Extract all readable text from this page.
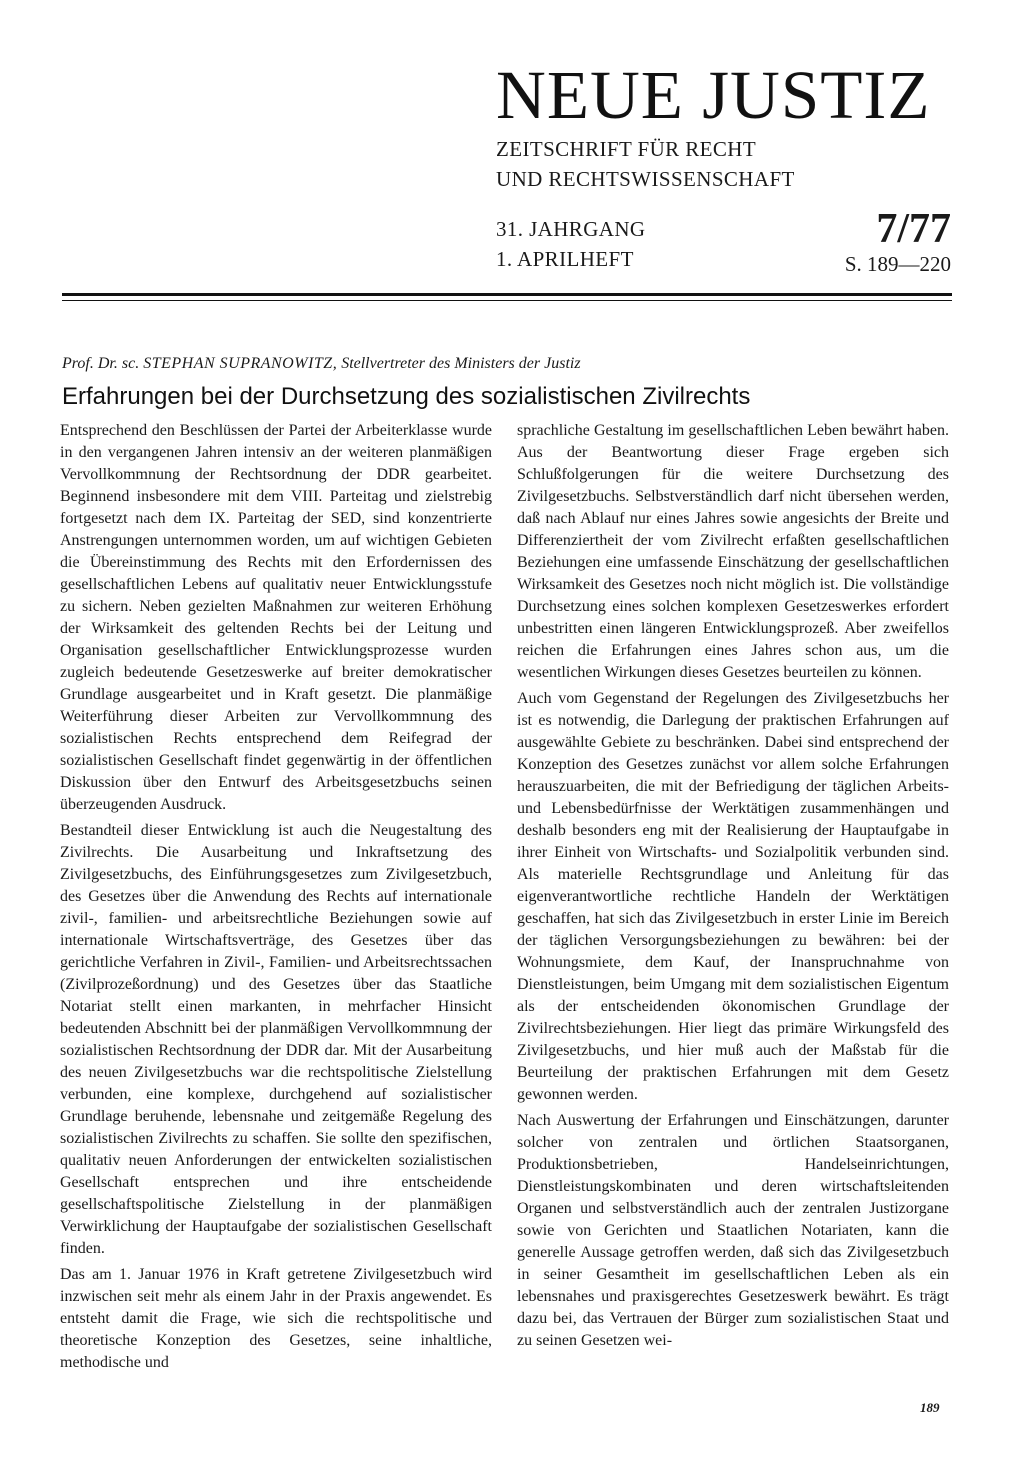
NEUE JUSTIZ
ZEITSCHRIFT FÜR RECHT
UND RECHTSWISSENSCHAFT
31. JAHRGANG
1. APRILHEFT
7/77
S. 189—220
Prof. Dr. sc. STEPHAN SUPRANOWITZ, Stellvertreter des Ministers der Justiz
Erfahrungen bei der Durchsetzung des sozialistischen Zivilrechts

Entsprechend den Beschlüssen der Partei der Arbeiterklasse wurde in den vergangenen Jahren intensiv an der weiteren planmäßigen Vervollkommnung der Rechtsordnung der DDR gearbeitet. Beginnend insbesondere mit dem VIII. Parteitag und zielstrebig fortgesetzt nach dem IX. Parteitag der SED, sind konzentrierte Anstrengungen unternommen worden, um auf wichtigen Gebieten die Übereinstimmung des Rechts mit den Erfordernissen des gesellschaftlichen Lebens auf qualitativ neuer Entwicklungsstufe zu sichern. Neben gezielten Maßnahmen zur weiteren Erhöhung der Wirksamkeit des geltenden Rechts bei der Leitung und Organisation gesellschaftlicher Entwicklungsprozesse wurden zugleich bedeutende Gesetzeswerke auf breiter demokratischer Grundlage ausgearbeitet und in Kraft gesetzt. Die planmäßige Weiterführung dieser Arbeiten zur Vervollkommnung des sozialistischen Rechts entsprechend dem Reifegrad der sozialistischen Gesellschaft findet gegenwärtig in der öffentlichen Diskussion über den Entwurf des Arbeitsgesetzbuchs seinen überzeugenden Ausdruck.

Bestandteil dieser Entwicklung ist auch die Neugestaltung des Zivilrechts. Die Ausarbeitung und Inkraftsetzung des Zivilgesetzbuchs, des Einführungsgesetzes zum Zivilgesetzbuch, des Gesetzes über die Anwendung des Rechts auf internationale zivil-, familien- und arbeitsrechtliche Beziehungen sowie auf internationale Wirtschaftsverträge, des Gesetzes über das gerichtliche Verfahren in Zivil-, Familien- und Arbeitsrechtssachen (Zivilprozeßordnung) und des Gesetzes über das Staatliche Notariat stellt einen markanten, in mehrfacher Hinsicht bedeutenden Abschnitt bei der planmäßigen Vervollkommnung der sozialistischen Rechtsordnung der DDR dar. Mit der Ausarbeitung des neuen Zivilgesetzbuchs war die rechtspolitische Zielstellung verbunden, eine komplexe, durchgehend auf sozialistischer Grundlage beruhende, lebensnahe und zeitgemäße Regelung des sozialistischen Zivilrechts zu schaffen. Sie sollte den spezifischen, qualitativ neuen Anforderungen der entwickelten sozialistischen Gesellschaft entsprechen und ihre entscheidende gesellschaftspolitische Zielstellung in der planmäßigen Verwirklichung der Hauptaufgabe der sozialistischen Gesellschaft finden.

Das am 1. Januar 1976 in Kraft getretene Zivilgesetzbuch wird inzwischen seit mehr als einem Jahr in der Praxis angewendet. Es entsteht damit die Frage, wie sich die rechtspolitische und theoretische Konzeption des Gesetzes, seine inhaltliche, methodische und

sprachliche Gestaltung im gesellschaftlichen Leben bewährt haben. Aus der Beantwortung dieser Frage ergeben sich Schlußfolgerungen für die weitere Durchsetzung des Zivilgesetzbuchs. Selbstverständlich darf nicht übersehen werden, daß nach Ablauf nur eines Jahres sowie angesichts der Breite und Differenziertheit der vom Zivilrecht erfaßten gesellschaftlichen Beziehungen eine umfassende Einschätzung der gesellschaftlichen Wirksamkeit des Gesetzes noch nicht möglich ist. Die vollständige Durchsetzung eines solchen komplexen Gesetzeswerkes erfordert unbestritten einen längeren Entwicklungsprozeß. Aber zweifellos reichen die Erfahrungen eines Jahres schon aus, um die wesentlichen Wirkungen dieses Gesetzes beurteilen zu können.

Auch vom Gegenstand der Regelungen des Zivilgesetzbuchs her ist es notwendig, die Darlegung der praktischen Erfahrungen auf ausgewählte Gebiete zu beschränken. Dabei sind entsprechend der Konzeption des Gesetzes zunächst vor allem solche Erfahrungen herauszuarbeiten, die mit der Befriedigung der täglichen Arbeits- und Lebensbedürfnisse der Werktätigen zusammenhängen und deshalb besonders eng mit der Realisierung der Hauptaufgabe in ihrer Einheit von Wirtschafts- und Sozialpolitik verbunden sind. Als materielle Rechtsgrundlage und Anleitung für das eigenverantwortliche rechtliche Handeln der Werktätigen geschaffen, hat sich das Zivilgesetzbuch in erster Linie im Bereich der täglichen Versorgungsbeziehungen zu bewähren: bei der Wohnungsmiete, dem Kauf, der Inanspruchnahme von Dienstleistungen, beim Umgang mit dem sozialistischen Eigentum als der entscheidenden ökonomischen Grundlage der Zivilrechtsbeziehungen. Hier liegt das primäre Wirkungsfeld des Zivilgesetzbuchs, und hier muß auch der Maßstab für die Beurteilung der praktischen Erfahrungen mit dem Gesetz gewonnen werden.

Nach Auswertung der Erfahrungen und Einschätzungen, darunter solcher von zentralen und örtlichen Staatsorganen, Produktionsbetrieben, Handelseinrichtungen, Dienstleistungskombinaten und deren wirtschaftsleitenden Organen und selbstverständlich auch der zentralen Justizorgane sowie von Gerichten und Staatlichen Notariaten, kann die generelle Aussage getroffen werden, daß sich das Zivilgesetzbuch in seiner Gesamtheit im gesellschaftlichen Leben als ein lebensnahes und praxisgerechtes Gesetzeswerk bewährt. Es trägt dazu bei, das Vertrauen der Bürger zum sozialistischen Staat und zu seinen Gesetzen wei-

189
